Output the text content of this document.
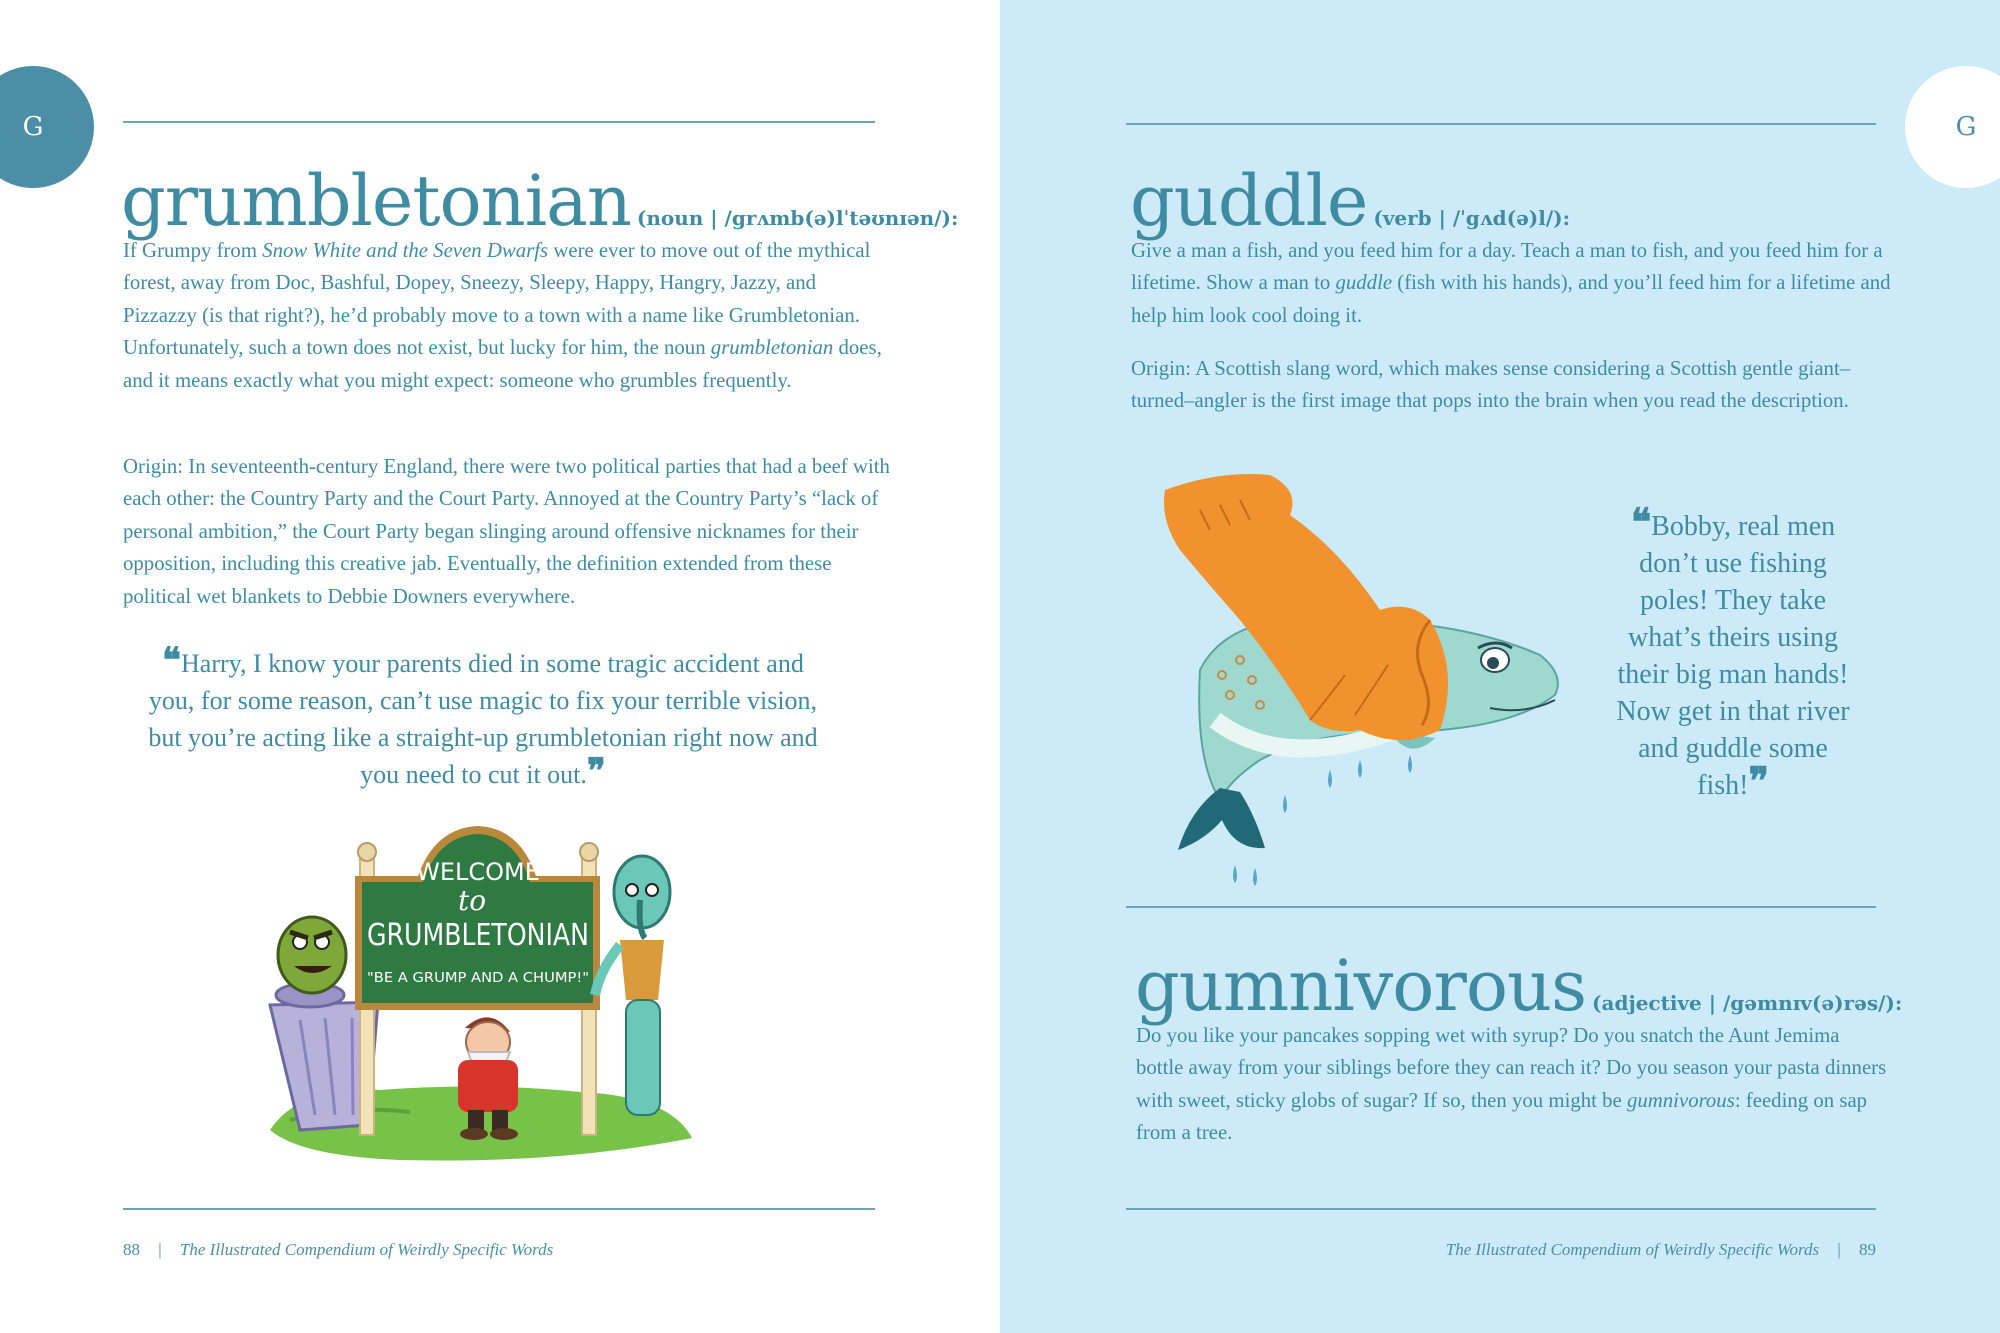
G
grumbletonian (noun | /grʌmb(ə)lˈtəʊnɪən/):

If Grumpy from Snow White and the Seven Dwarfs were ever to move out of the mythical forest, away from Doc, Bashful, Dopey, Sneezy, Sleepy, Happy, Hangry, Jazzy, and Pizzazzy (is that right?), he’d probably move to a town with a name like Grumbletonian. Unfortunately, such a town does not exist, but lucky for him, the noun grumbletonian does, and it means exactly what you might expect: someone who grumbles frequently.

Origin: In seventeenth-century England, there were two political parties that had a beef with each other: the Country Party and the Court Party. Annoyed at the Country Party’s “lack of personal ambition,” the Court Party began slinging around offensive nicknames for their opposition, including this creative jab. Eventually, the definition extended from these political wet blankets to Debbie Downers everywhere.

❝Harry, I know your parents died in some tragic accident and you, for some reason, can’t use magic to fix your terrible vision, but you’re acting like a straight-up grumbletonian right now and you need to cut it out.❞

WELCOME
to
GRUMBLETONIAN
"BE A GRUMP AND A CHUMP!"
88 | The Illustrated Compendium of Weirdly Specific Words
G
guddle (verb | /ˈgʌd(ə)l/):

Give a man a fish, and you feed him for a day. Teach a man to fish, and you feed him for a lifetime. Show a man to guddle (fish with his hands), and you’ll feed him for a lifetime and help him look cool doing it.

Origin: A Scottish slang word, which makes sense considering a Scottish gentle giant–turned–angler is the first image that pops into the brain when you read the description.

❝Bobby, real men don’t use fishing poles! They take what’s theirs using their big man hands! Now get in that river and guddle some fish!❞

gumnivorous (adjective | /gəmnɪv(ə)rəs/):

Do you like your pancakes sopping wet with syrup? Do you snatch the Aunt Jemima bottle away from your siblings before they can reach it? Do you season your pasta dinners with sweet, sticky globs of sugar? If so, then you might be gumnivorous: feeding on sap from a tree.

The Illustrated Compendium of Weirdly Specific Words | 89
